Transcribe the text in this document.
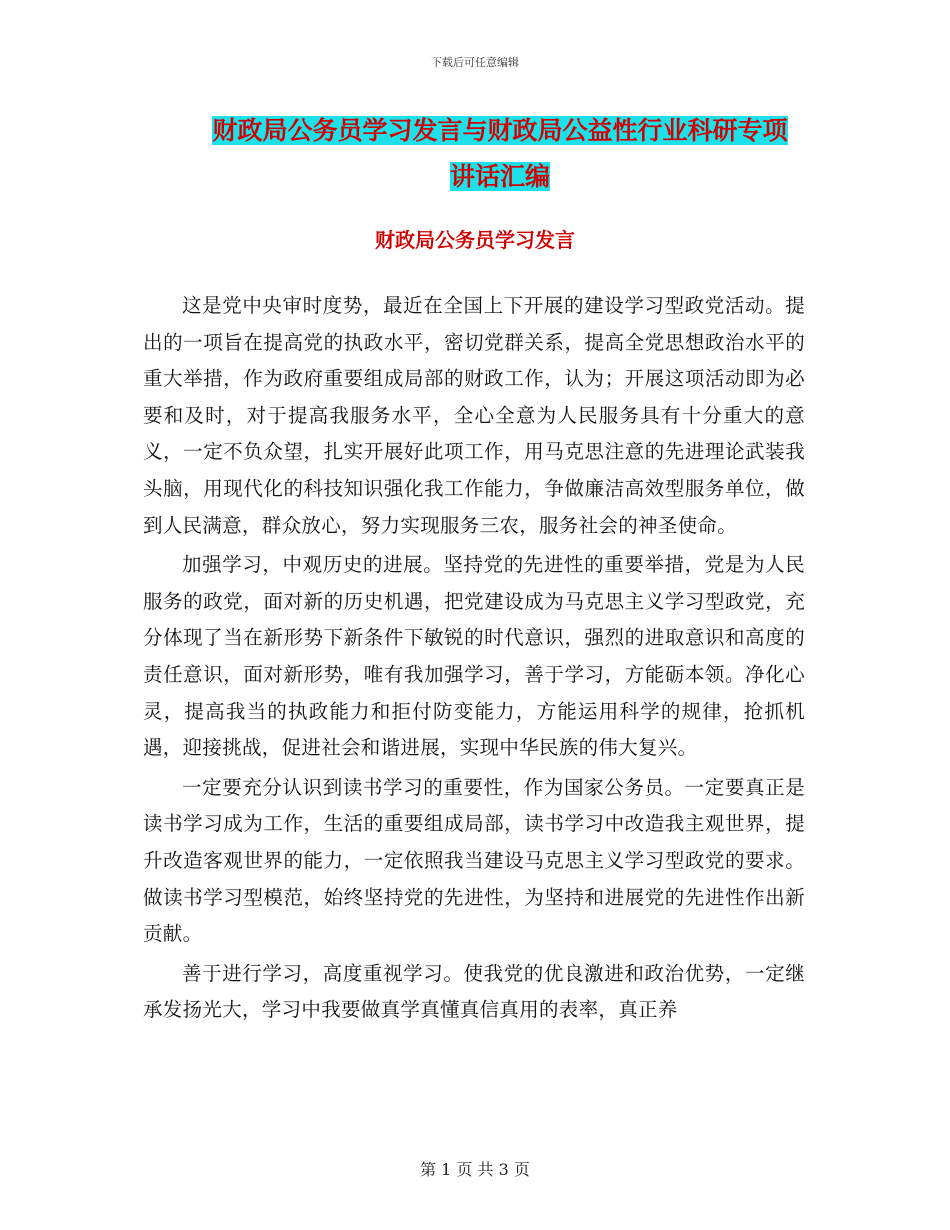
下载后可任意编辑
财政局公务员学习发言与财政局公益性行业科研专项
讲话汇编
财政局公务员学习发言

这是党中央审时度势，最近在全国上下开展的建设学习型政党活动。提出的一项旨在提高党的执政水平，密切党群关系，提高全党思想政治水平的重大举措，作为政府重要组成局部的财政工作，认为；开展这项活动即为必要和及时，对于提高我服务水平，全心全意为人民服务具有十分重大的意义，一定不负众望，扎实开展好此项工作，用马克思注意的先进理论武装我头脑，用现代化的科技知识强化我工作能力，争做廉洁高效型服务单位，做到人民满意，群众放心，努力实现服务三农，服务社会的神圣使命。

加强学习，中观历史的进展。坚持党的先进性的重要举措，党是为人民服务的政党，面对新的历史机遇，把党建设成为马克思主义学习型政党，充分体现了当在新形势下新条件下敏锐的时代意识，强烈的进取意识和高度的责任意识，面对新形势，唯有我加强学习，善于学习，方能砺本领。净化心灵，提高我当的执政能力和拒付防变能力，方能运用科学的规律，抢抓机遇，迎接挑战，促进社会和谐进展，实现中华民族的伟大复兴。

一定要充分认识到读书学习的重要性，作为国家公务员。一定要真正是读书学习成为工作，生活的重要组成局部，读书学习中改造我主观世界，提升改造客观世界的能力，一定依照我当建设马克思主义学习型政党的要求。做读书学习型模范，始终坚持党的先进性，为坚持和进展党的先进性作出新贡献。

善于进行学习，高度重视学习。使我党的优良激进和政治优势，一定继承发扬光大，学习中我要做真学真懂真信真用的表率，真正养

第 1 页 共 3 页
